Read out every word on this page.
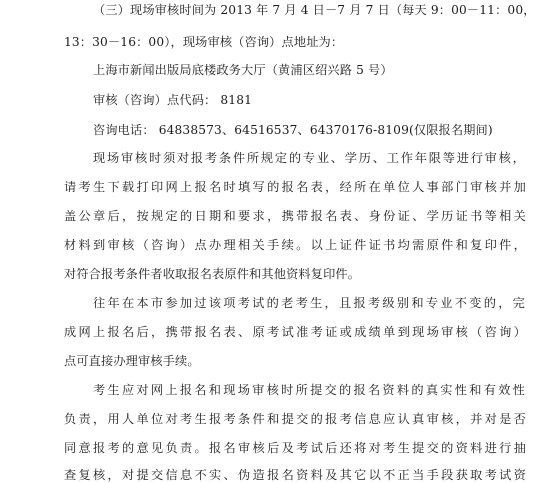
（三）现场审核时间为 2013 年 7 月 4 日－7 月 7 日（每天 9：00－11：00，
13：30－16：00），现场审核（咨询）点地址为：
上海市新闻出版局底楼政务大厅（黄浦区绍兴路 5 号）
审核（咨询）点代码： 8181
咨询电话： 64838573、64516537、64370176-8109(仅限报名期间)
现场审核时须对报考条件所规定的专业、学历、工作年限等进行审核，
请考生下载打印网上报名时填写的报名表，经所在单位人事部门审核并加
盖公章后，按规定的日期和要求，携带报名表、身份证、学历证书等相关
材料到审核（咨询）点办理相关手续。以上证件证书均需原件和复印件，
对符合报考条件者收取报名表原件和其他资料复印件。
往年在本市参加过该项考试的老考生，且报考级别和专业不变的，完
成网上报名后，携带报名表、原考试准考证或成绩单到现场审核（咨询）
点可直接办理审核手续。
考生应对网上报名和现场审核时所提交的报名资料的真实性和有效性
负责，用人单位对考生报考条件和提交的报考信息应认真审核，并对是否
同意报考的意见负责。报名审核后及考试后还将对考生提交的资料进行抽
查复核，对提交信息不实、伪造报名资料及其它以不正当手段获取考试资
